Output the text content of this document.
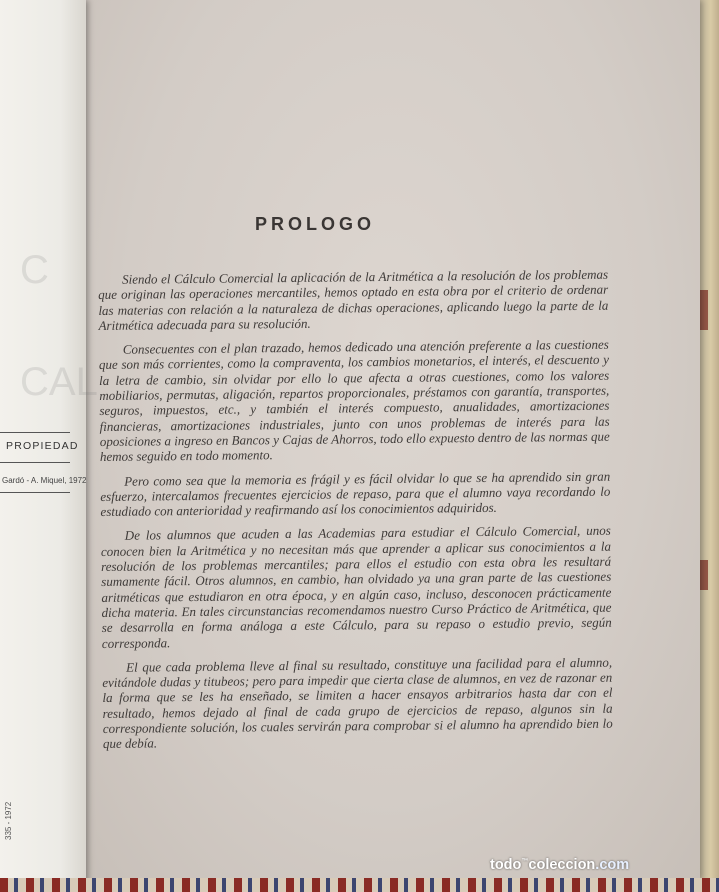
C
CAL
PROPIEDAD
Gardó - A. Miquel, 1972
335 - 1972
PROLOGO

Siendo el Cálculo Comercial la aplicación de la Aritmética a la resolución de los problemas que originan las operaciones mercantiles, hemos optado en esta obra por el criterio de ordenar las materias con relación a la naturaleza de dichas operaciones, aplicando luego la parte de la Aritmética adecuada para su resolución.

Consecuentes con el plan trazado, hemos dedicado una atención preferente a las cuestiones que son más corrientes, como la compraventa, los cambios monetarios, el interés, el descuento y la letra de cambio, sin olvidar por ello lo que afecta a otras cuestiones, como los valores mobiliarios, permutas, aligación, repartos proporcionales, préstamos con garantía, transportes, seguros, impuestos, etc., y también el interés compuesto, anualidades, amortizaciones financieras, amortizaciones industriales, junto con unos problemas de interés para las oposiciones a ingreso en Bancos y Cajas de Ahorros, todo ello expuesto dentro de las normas que hemos seguido en todo momento.

Pero como sea que la memoria es frágil y es fácil olvidar lo que se ha aprendido sin gran esfuerzo, intercalamos frecuentes ejercicios de repaso, para que el alumno vaya recordando lo estudiado con anterioridad y reafirmando así los conocimientos adquiridos.

De los alumnos que acuden a las Academias para estudiar el Cálculo Comercial, unos conocen bien la Aritmética y no necesitan más que aprender a aplicar sus conocimientos a la resolución de los problemas mercantiles; para ellos el estudio con esta obra les resultará sumamente fácil. Otros alumnos, en cambio, han olvidado ya una gran parte de las cuestiones aritméticas que estudiaron en otra época, y en algún caso, incluso, desconocen prácticamente dicha materia. En tales circunstancias recomendamos nuestro Curso Práctico de Aritmética, que se desarrolla en forma análoga a este Cálculo, para su repaso o estudio previo, según corresponda.

El que cada problema lleve al final su resultado, constituye una facilidad para el alumno, evitándole dudas y titubeos; pero para impedir que cierta clase de alumnos, en vez de razonar en la forma que se les ha enseñado, se limiten a hacer ensayos arbitrarios hasta dar con el resultado, hemos dejado al final de cada grupo de ejercicios de repaso, algunos sin la correspondiente solución, los cuales servirán para comprobar si el alumno ha aprendido bien lo que debía.

todo™coleccion.com
